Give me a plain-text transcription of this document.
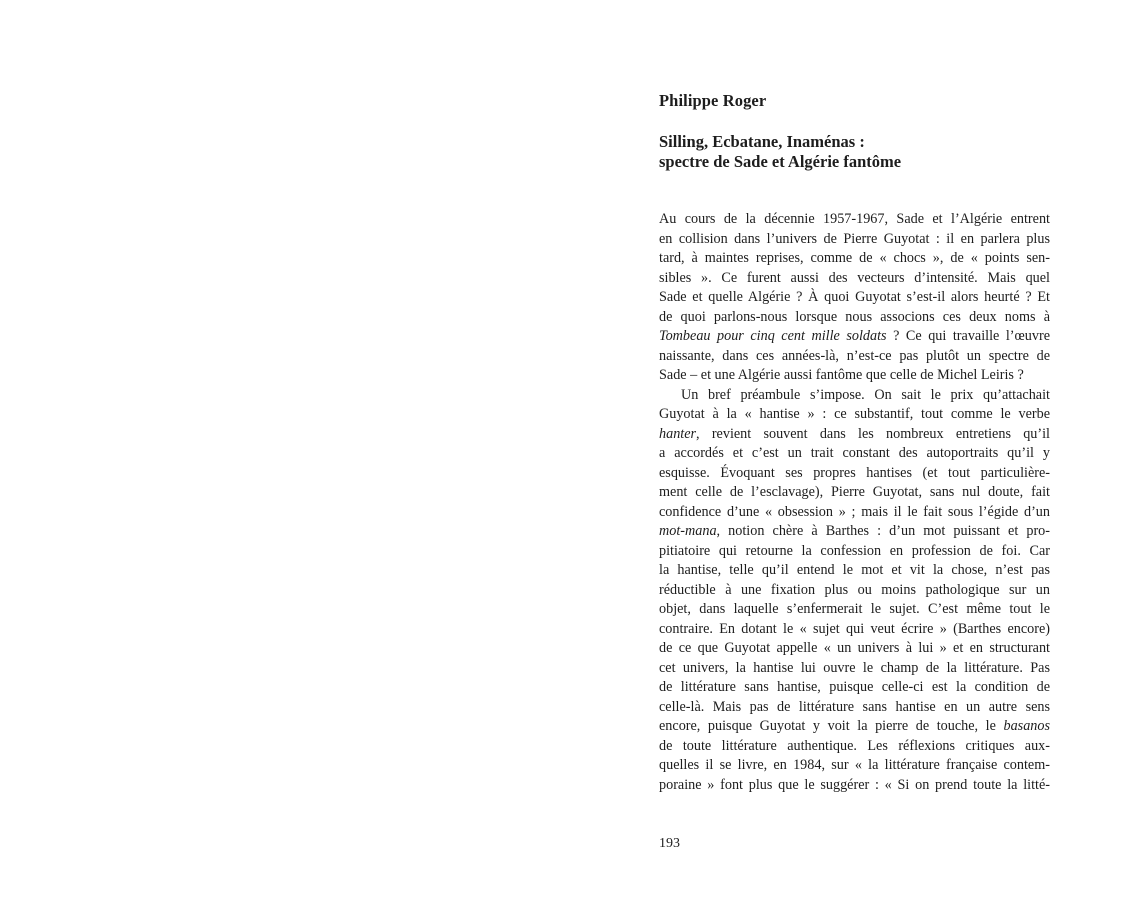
Philippe Roger
Silling, Ecbatane, Inaménas :
spectre de Sade et Algérie fantôme
Au cours de la décennie 1957-1967, Sade et l’Algérie entrent
en collision dans l’univers de Pierre Guyotat : il en parlera plus
tard, à maintes reprises, comme de « chocs », de « points sen-
sibles ». Ce furent aussi des vecteurs d’intensité. Mais quel
Sade et quelle Algérie ? À quoi Guyotat s’est-il alors heurté ? Et
de quoi parlons-nous lorsque nous associons ces deux noms à
Tombeau pour cinq cent mille soldats ? Ce qui travaille l’œuvre
naissante, dans ces années-là, n’est-ce pas plutôt un spectre de
Sade – et une Algérie aussi fantôme que celle de Michel Leiris ?
Un bref préambule s’impose. On sait le prix qu’attachait
Guyotat à la « hantise » : ce substantif, tout comme le verbe
hanter, revient souvent dans les nombreux entretiens qu’il
a accordés et c’est un trait constant des autoportraits qu’il y
esquisse. Évoquant ses propres hantises (et tout particulière-
ment celle de l’esclavage), Pierre Guyotat, sans nul doute, fait
confidence d’une « obsession » ; mais il le fait sous l’égide d’un
mot-mana, notion chère à Barthes : d’un mot puissant et pro-
pitiatoire qui retourne la confession en profession de foi. Car
la hantise, telle qu’il entend le mot et vit la chose, n’est pas
réductible à une fixation plus ou moins pathologique sur un
objet, dans laquelle s’enfermerait le sujet. C’est même tout le
contraire. En dotant le « sujet qui veut écrire » (Barthes encore)
de ce que Guyotat appelle « un univers à lui » et en structurant
cet univers, la hantise lui ouvre le champ de la littérature. Pas
de littérature sans hantise, puisque celle-ci est la condition de
celle-là. Mais pas de littérature sans hantise en un autre sens
encore, puisque Guyotat y voit la pierre de touche, le basanos
de toute littérature authentique. Les réflexions critiques aux-
quelles il se livre, en 1984, sur « la littérature française contem-
poraine » font plus que le suggérer : « Si on prend toute la litté-

193
